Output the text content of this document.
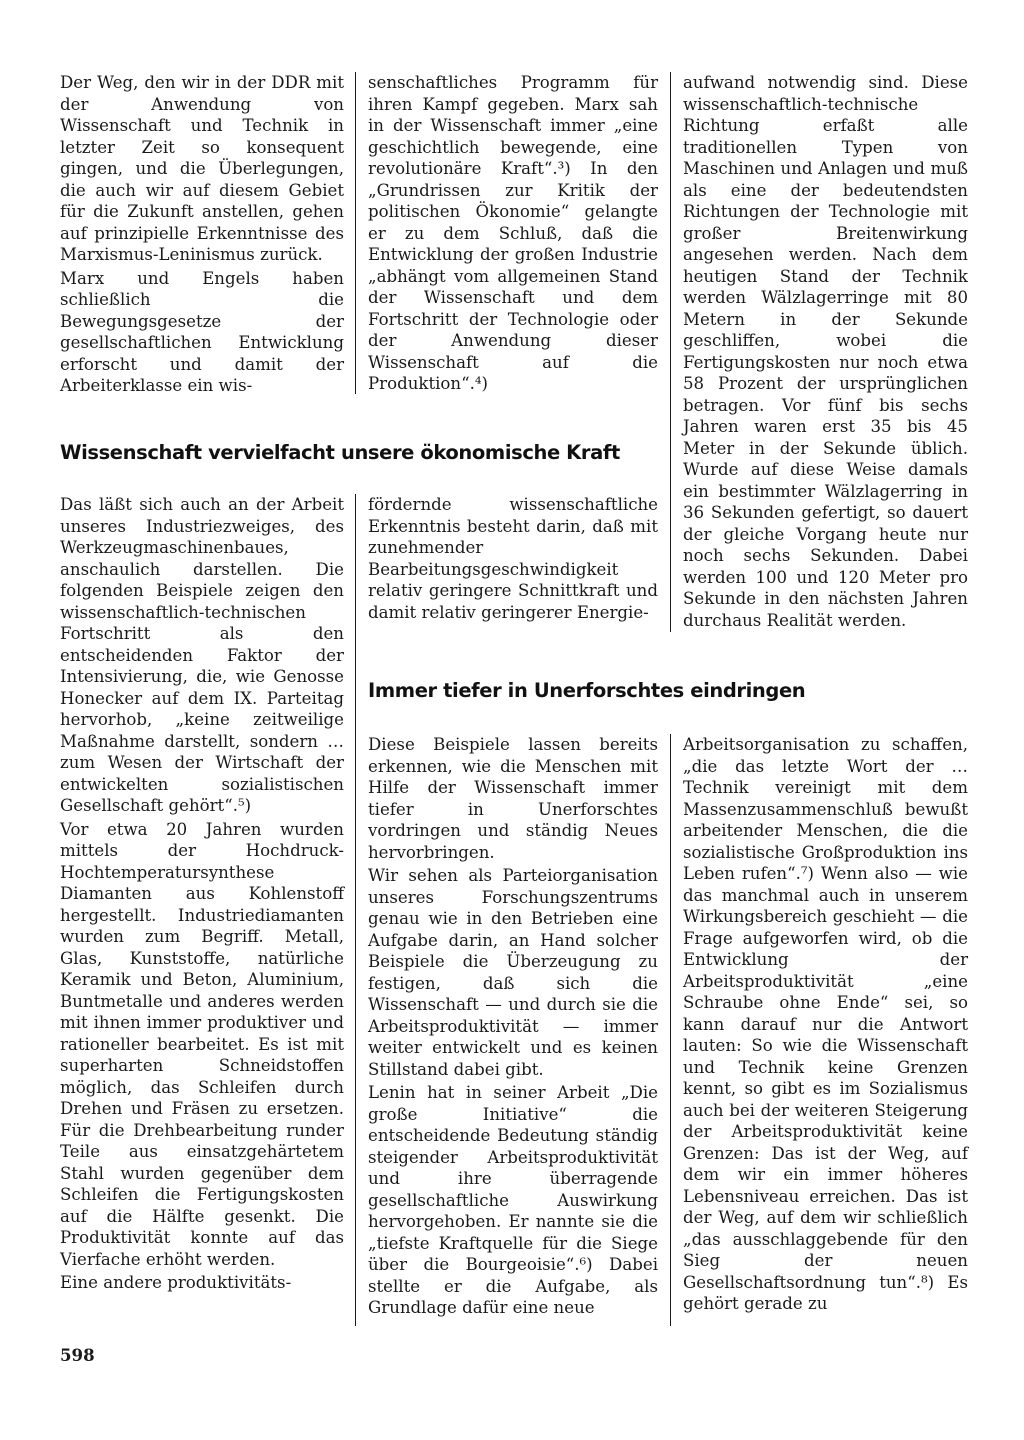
Der Weg, den wir in der DDR mit der Anwendung von Wissenschaft und Technik in letzter Zeit so konsequent gingen, und die Überlegungen, die auch wir auf diesem Gebiet für die Zukunft anstellen, gehen auf prinzipielle Erkenntnisse des Marxismus-Leninismus zurück.

Marx und Engels haben schließlich die Bewegungsgesetze der gesellschaftlichen Entwicklung erforscht und damit der Arbeiterklasse ein wis-

senschaftliches Programm für ihren Kampf gegeben. Marx sah in der Wissenschaft immer „eine geschichtlich bewegende, eine revolutionäre Kraft“.³) In den „Grundrissen zur Kritik der politischen Ökonomie“ gelangte er zu dem Schluß, daß die Entwicklung der großen Industrie „abhängt vom allgemeinen Stand der Wissenschaft und dem Fortschritt der Technologie oder der Anwendung dieser Wissenschaft auf die Produktion“.⁴)

Wissenschaft vervielfacht unsere ökonomische Kraft

Das läßt sich auch an der Arbeit unseres Industriezweiges, des Werkzeugmaschinenbaues, anschaulich darstellen. Die folgenden Beispiele zeigen den wissenschaftlich-technischen Fortschritt als den entscheidenden Faktor der Intensivierung, die, wie Genosse Honecker auf dem IX. Parteitag hervorhob, „keine zeitweilige Maßnahme darstellt, sondern … zum Wesen der Wirtschaft der entwickelten sozialistischen Gesellschaft gehört“.⁵)

Vor etwa 20 Jahren wurden mittels der Hochdruck-Hochtemperatursynthese Diamanten aus Kohlenstoff hergestellt. Industriediamanten wurden zum Begriff. Metall, Glas, Kunststoffe, natürliche Keramik und Beton, Aluminium, Buntmetalle und anderes werden mit ihnen immer produktiver und rationeller bearbeitet. Es ist mit superharten Schneidstoffen möglich, das Schleifen durch Drehen und Fräsen zu ersetzen. Für die Drehbearbeitung runder Teile aus einsatzgehärtetem Stahl wurden gegenüber dem Schleifen die Fertigungskosten auf die Hälfte gesenkt. Die Produktivität konnte auf das Vierfache erhöht werden.

Eine andere produktivitäts-

fördernde wissenschaftliche Erkenntnis besteht darin, daß mit zunehmender Bearbeitungsgeschwindigkeit relativ geringere Schnittkraft und damit relativ geringerer Energie-

aufwand notwendig sind. Diese wissenschaftlich-technische Richtung erfaßt alle traditionellen Typen von Maschinen und Anlagen und muß als eine der bedeutendsten Richtungen der Technologie mit großer Breitenwirkung angesehen werden. Nach dem heutigen Stand der Technik werden Wälzlagerringe mit 80 Metern in der Sekunde geschliffen, wobei die Fertigungskosten nur noch etwa 58 Prozent der ursprünglichen betragen. Vor fünf bis sechs Jahren waren erst 35 bis 45 Meter in der Sekunde üblich. Wurde auf diese Weise damals ein bestimmter Wälzlagerring in 36 Sekunden gefertigt, so dauert der gleiche Vorgang heute nur noch sechs Sekunden. Dabei werden 100 und 120 Meter pro Sekunde in den nächsten Jahren durchaus Realität werden.

Immer tiefer in Unerforschtes eindringen

Diese Beispiele lassen bereits erkennen, wie die Menschen mit Hilfe der Wissenschaft immer tiefer in Unerforschtes vordringen und ständig Neues hervorbringen.

Wir sehen als Parteiorganisation unseres Forschungszentrums genau wie in den Betrieben eine Aufgabe darin, an Hand solcher Beispiele die Überzeugung zu festigen, daß sich die Wissenschaft — und durch sie die Arbeitsproduktivität — immer weiter entwickelt und es keinen Stillstand dabei gibt.

Lenin hat in seiner Arbeit „Die große Initiative“ die entscheidende Bedeutung ständig steigender Arbeitsproduktivität und ihre überragende gesellschaftliche Auswirkung hervorgehoben. Er nannte sie die „tiefste Kraftquelle für die Siege über die Bourgeoisie“.⁶) Dabei stellte er die Aufgabe, als Grundlage dafür eine neue

Arbeitsorganisation zu schaffen, „die das letzte Wort der … Technik vereinigt mit dem Massenzusammenschluß bewußt arbeitender Menschen, die die sozialistische Großproduktion ins Leben rufen“.⁷) Wenn also — wie das manchmal auch in unserem Wirkungsbereich geschieht — die Frage aufgeworfen wird, ob die Entwicklung der Arbeitsproduktivität „eine Schraube ohne Ende“ sei, so kann darauf nur die Antwort lauten: So wie die Wissenschaft und Technik keine Grenzen kennt, so gibt es im Sozialismus auch bei der weiteren Steigerung der Arbeitsproduktivität keine Grenzen: Das ist der Weg, auf dem wir ein immer höheres Lebensniveau erreichen. Das ist der Weg, auf dem wir schließlich „das ausschlaggebende für den Sieg der neuen Gesellschaftsordnung tun“.⁸) Es gehört gerade zu

598
